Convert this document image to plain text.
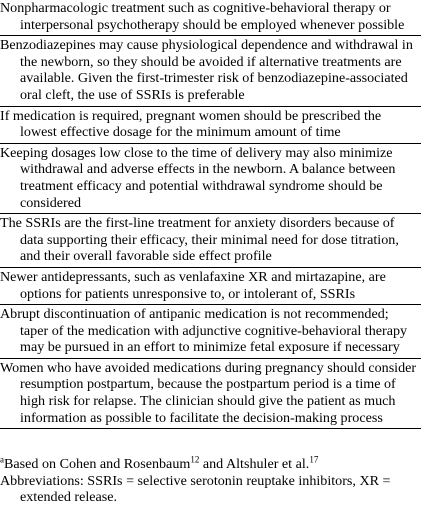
Nonpharmacologic treatment such as cognitive-behavioral therapy or interpersonal psychotherapy should be employed whenever possible

Benzodiazepines may cause physiological dependence and withdrawal in the newborn, so they should be avoided if alternative treatments are available. Given the first-trimester risk of benzodiazepine-associated oral cleft, the use of SSRIs is preferable

If medication is required, pregnant women should be prescribed the lowest effective dosage for the minimum amount of time

Keeping dosages low close to the time of delivery may also minimize withdrawal and adverse effects in the newborn. A balance between treatment efficacy and potential withdrawal syndrome should be considered

The SSRIs are the first-line treatment for anxiety disorders because of data supporting their efficacy, their minimal need for dose titration, and their overall favorable side effect profile

Newer antidepressants, such as venlafaxine XR and mirtazapine, are options for patients unresponsive to, or intolerant of, SSRIs

Abrupt discontinuation of antipanic medication is not recommended; taper of the medication with adjunctive cognitive-behavioral therapy may be pursued in an effort to minimize fetal exposure if necessary

Women who have avoided medications during pregnancy should consider resumption postpartum, because the postpartum period is a time of high risk for relapse. The clinician should give the patient as much information as possible to facilitate the decision-making process

$^a$Based on Cohen and Rosenbaum$^{12}$ and Altshuler et al.$^{17}$

Abbreviations: SSRIs = selective serotonin reuptake inhibitors, XR = extended release.
